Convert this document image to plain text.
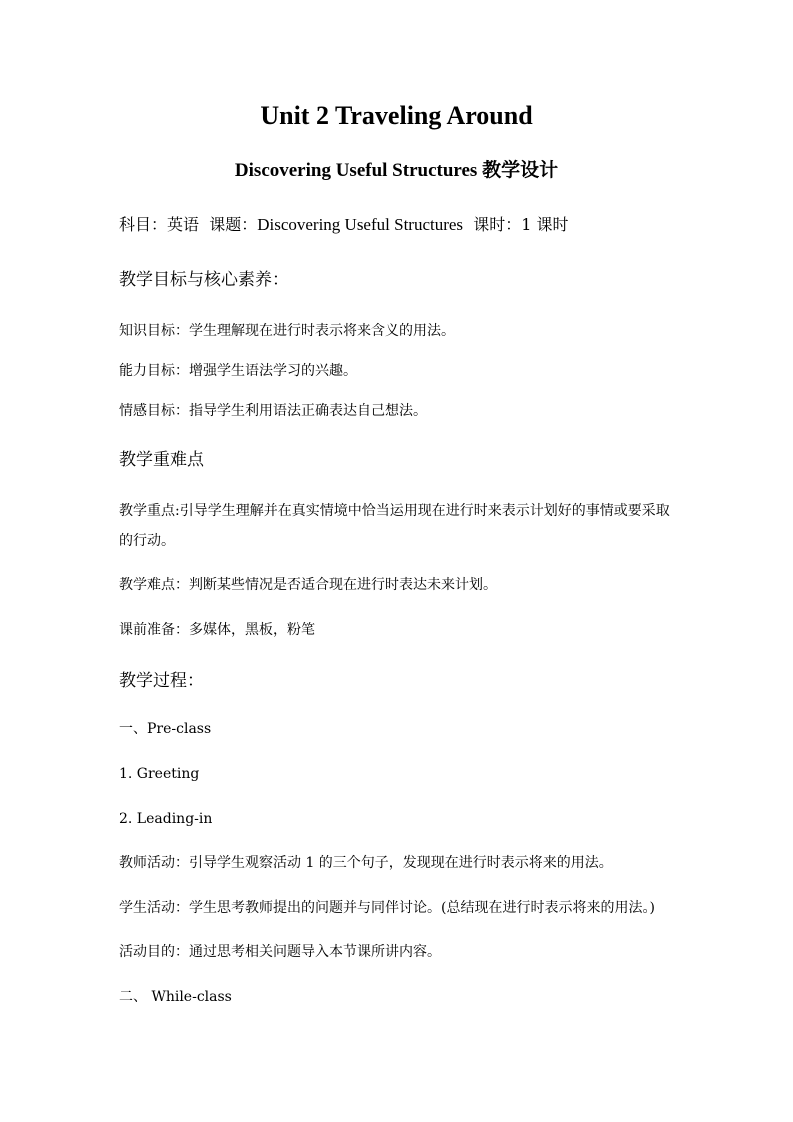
Unit 2 Traveling Around
Discovering Useful Structures 教学设计
科目：英语 课题：Discovering Useful Structures 课时：1 课时
教学目标与核心素养：
知识目标：学生理解现在进行时表示将来含义的用法。
能力目标：增强学生语法学习的兴趣。
情感目标：指导学生利用语法正确表达自己想法。
教学重难点
教学重点:引导学生理解并在真实情境中恰当运用现在进行时来表示计划好的事情或要采取的行动。
教学难点：判断某些情况是否适合现在进行时表达未来计划。
课前准备：多媒体，黑板，粉笔
教学过程：
一、Pre-class
1. Greeting
2. Leading-in
教师活动：引导学生观察活动 1 的三个句子，发现现在进行时表示将来的用法。
学生活动：学生思考教师提出的问题并与同伴讨论。(总结现在进行时表示将来的用法。)
活动目的：通过思考相关问题导入本节课所讲内容。
二、 While-class
